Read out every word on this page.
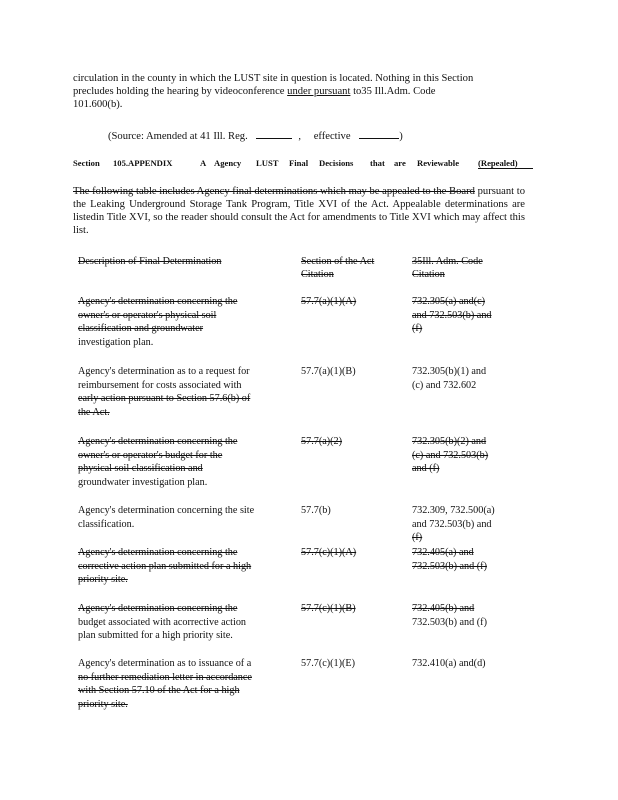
circulation in the county in which the LUST site in question is located. Nothing in this Section
precludes holding the hearing by videoconference under pursuant to35 Ill.Adm. Code
101.600(b).
(Source: Amended at 41 Ill. Reg.	, effective	)
Section 105.APPENDIX	A Agency LUST Final Decisions that are Reviewable (Repealed)
The following table includes Agency final determinations which may be appealed to the Board pursuant to the Leaking Underground Storage Tank Program, Title XVI of the Act. Appealable determinations are listedin Title XVI, so the reader should consult the Act for amendments to Title XVI which may affect this list.
Description of Final Determination	Section of the Act
Citation
35Ill. Adm. Code
Citation
Agency's determination concerning the
owner's or operator's physical soil
classification and groundwater
investigation plan.
57.7(a)(1)(A)	732.305(a) and(c)
and 732.503(b) and
(f)
Agency's determination as to a request for
reimbursement for costs associated with
early action pursuant to Section 57.6(b) of
the Act.
57.7(a)(1)(B)	732.305(b)(1) and
(c) and 732.602
Agency's determination concerning the
owner's or operator's budget for the
physical soil classification and
groundwater investigation plan.
57.7(a)(2)	732.305(b)(2) and
(c) and 732.503(b)
and (f)
Agency's determination concerning the site
classification.
57.7(b)	732.309, 732.500(a)
and 732.503(b) and
(f)
Agency's determination concerning the
corrective action plan submitted for a high
priority site.
57.7(c)(1)(A)	732.405(a) and
732.503(b) and (f)
Agency's determination concerning the
budget associated with acorrective action
plan submitted for a high priority site.
57.7(c)(1)(B)	732.405(b) and
732.503(b) and (f)
Agency's determination as to issuance of a
no further remediation letter in accordance
with Section 57.10 of the Act for a high
priority site.
57.7(c)(1)(E)	732.410(a) and(d)
